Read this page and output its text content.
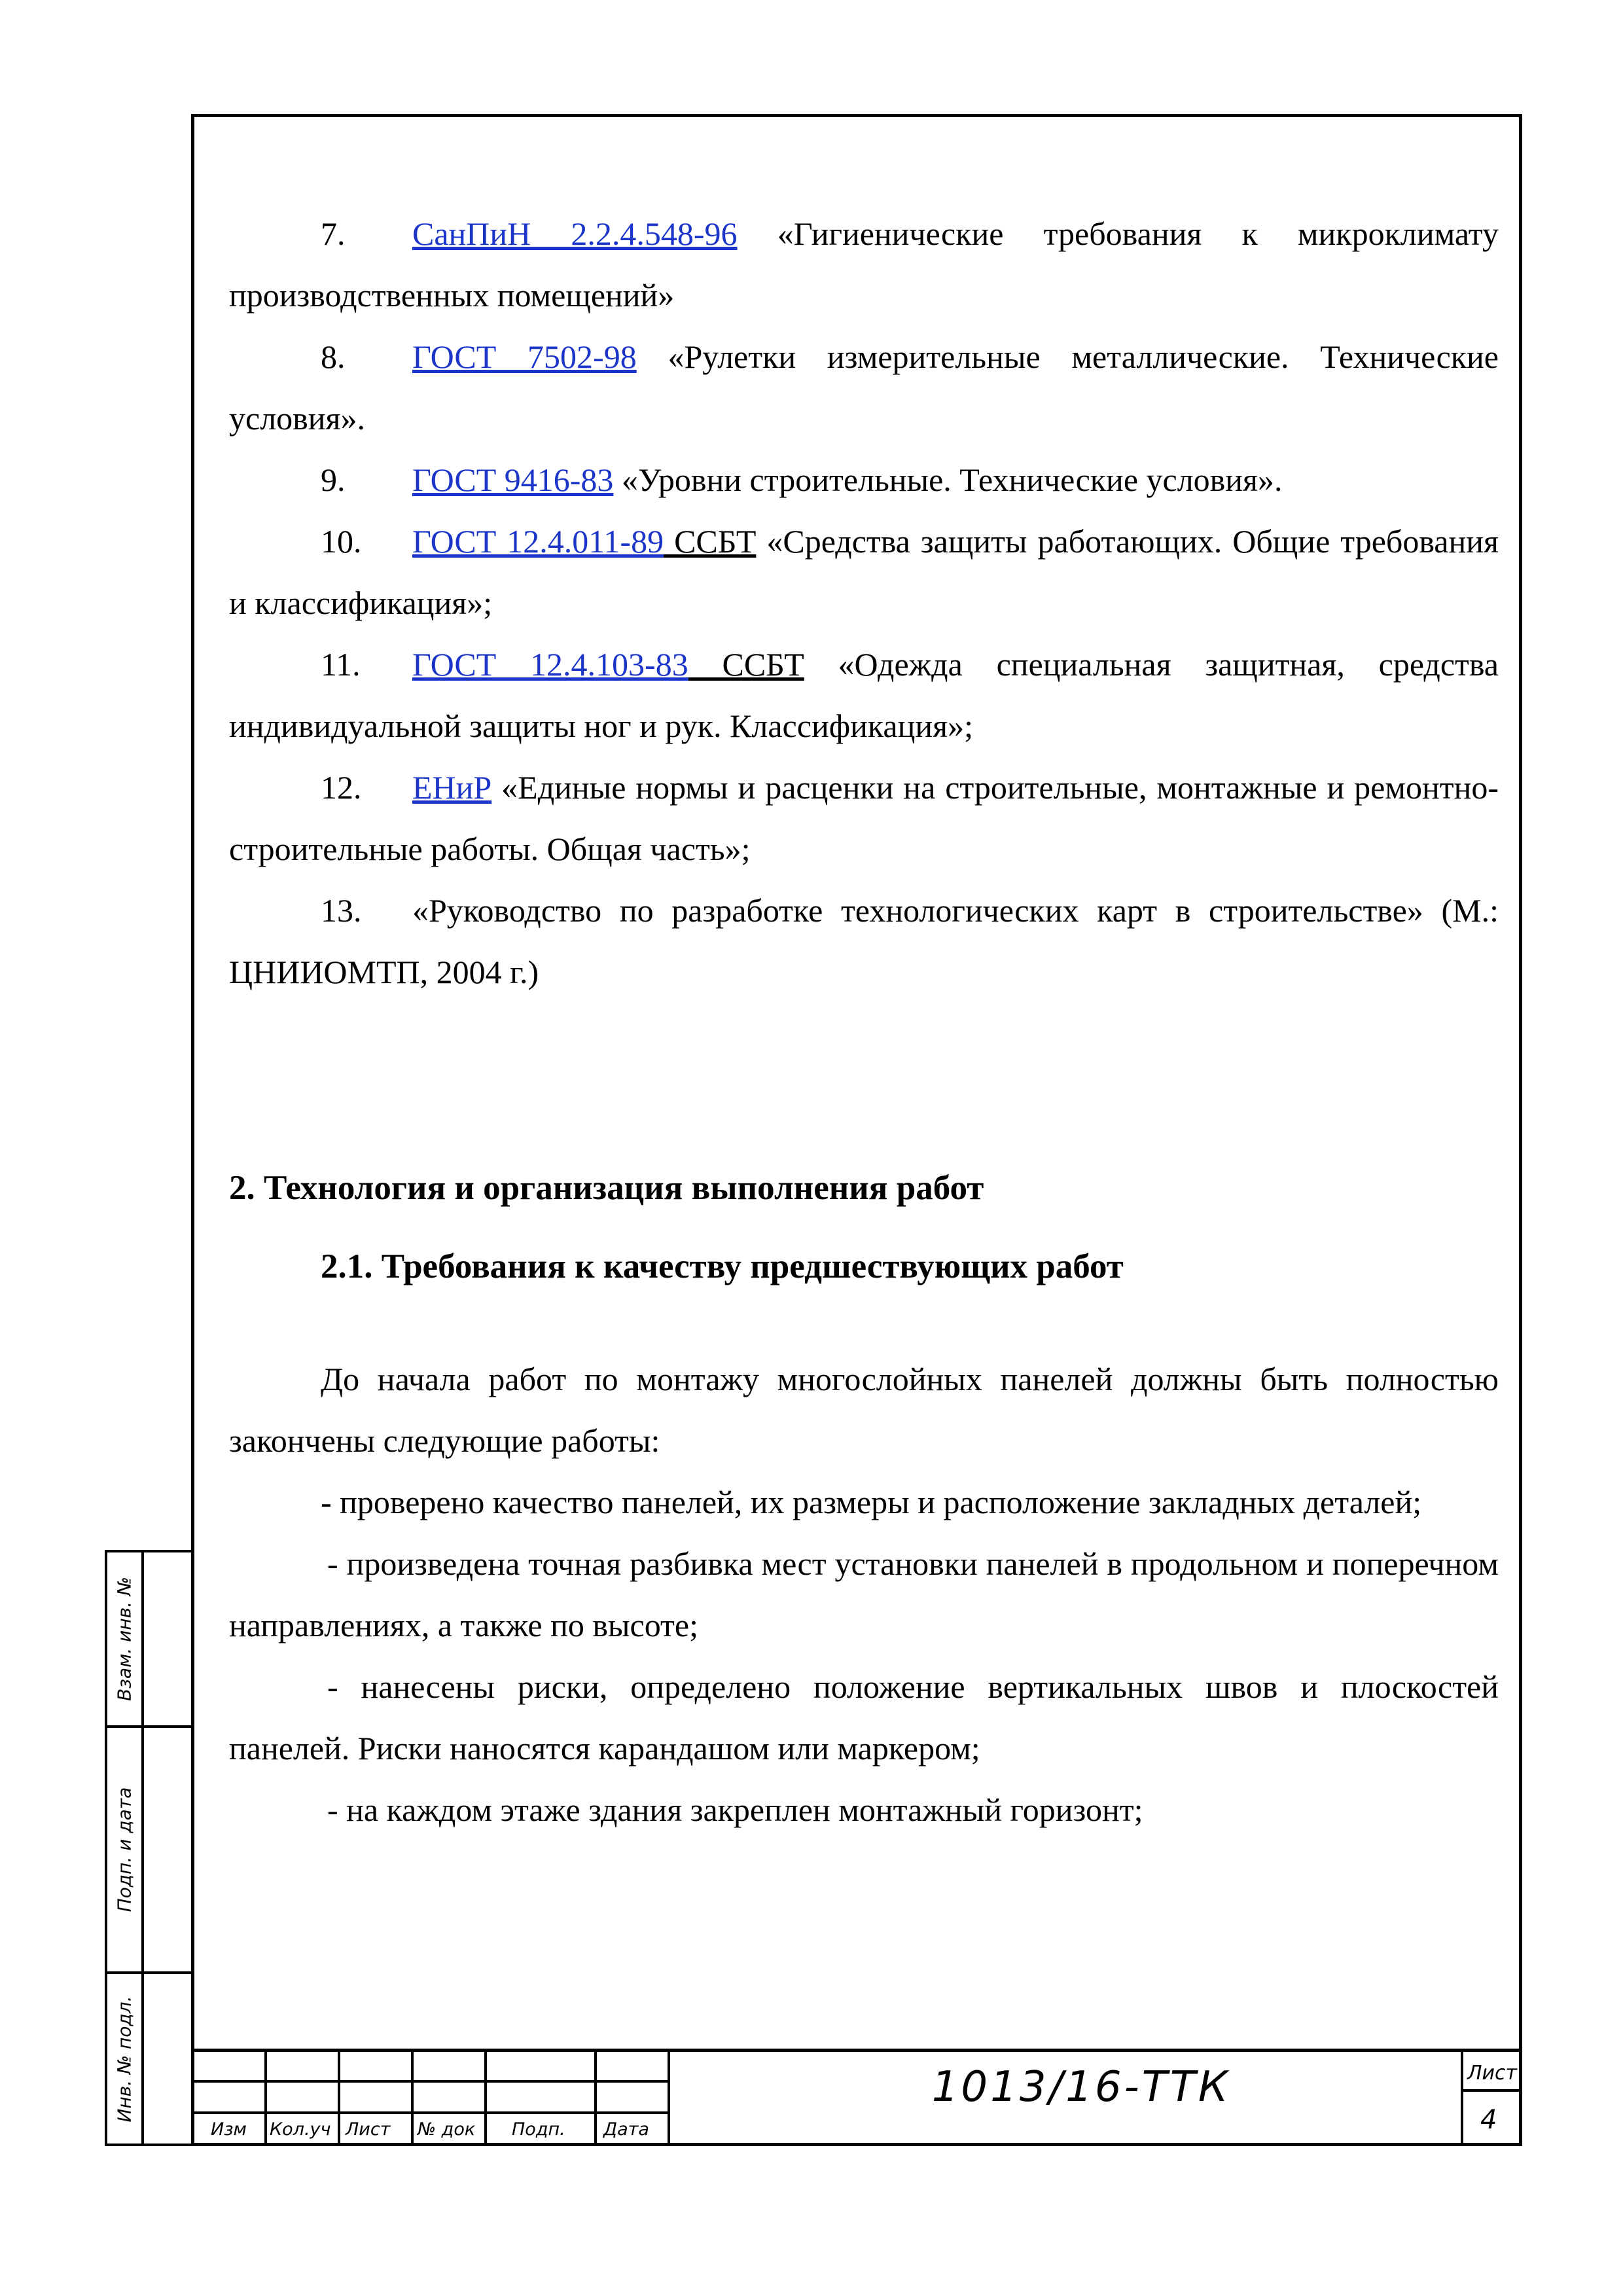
7. СанПиН 2.2.4.548-96 «Гигиенические требования к микроклимату производственных помещений»

8. ГОСТ 7502-98 «Рулетки измерительные металлические. Технические условия».

9. ГОСТ 9416-83 «Уровни строительные. Технические условия».

10. ГОСТ 12.4.011-89 ССБТ «Средства защиты работающих. Общие требования и классификация»;

11. ГОСТ 12.4.103-83 ССБТ «Одежда специальная защитная, средства индивидуальной защиты ног и рук. Классификация»;

12. ЕНиР «Единые нормы и расценки на строительные, монтажные и ремонтно-строительные работы. Общая часть»;

13. «Руководство по разработке технологических карт в строительстве» (М.: ЦНИИОМТП, 2004 г.)

2. Технология и организация выполнения работ
2.1. Требования к качеству предшествующих работ

До начала работ по монтажу многослойных панелей должны быть полностью закончены следующие работы:

- проверено качество панелей, их размеры и расположение закладных деталей;

- произведена точная разбивка мест установки панелей в продольном и поперечном направлениях, а также по высоте;

- нанесены риски, определено положение вертикальных швов и плоскостей панелей. Риски наносятся карандашом или маркером;

- на каждом этаже здания закреплен монтажный горизонт;

Взам. инв. №
Подп. и дата
Инв. № подл.
Изм Кол.уч Лист № док Подп. Дата
1013/16-ТТК	Лист
4
